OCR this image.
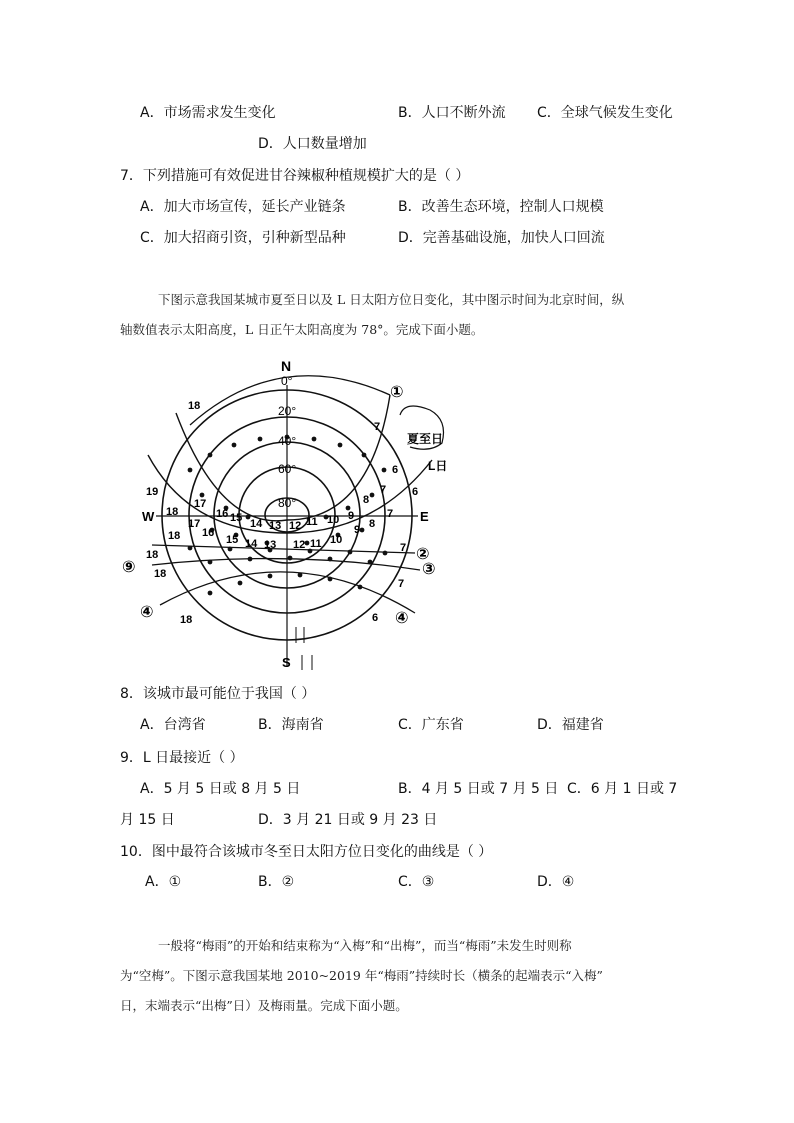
A．市场需求发生变化	B．人口不断外流 C．全球气候发生变化
D．人口数量增加
7．下列措施可有效促进甘谷辣椒种植规模扩大的是（ ）
A．加大市场宣传，延长产业链条	B．改善生态环境，控制人口规模
C．加大招商引资，引种新型品种	D．完善基础设施，加快人口回流
下图示意我国某城市夏至日以及 L 日太阳方位日变化，其中图示时间为北京时间，纵
轴数值表示太阳高度，L 日正午太阳高度为 78°。完成下面小题。
N
S
E
W
0°
20°
40°
60°
80°
①
夏至日
L日
②
③
⑨
④	④
18
7
19
18
17
16 15 14 13 12 11 10 9
8
7
6
6
18
17
16
15 14 13 12 11 10
9 8
7
18
7
18
7
18	6
8．该城市最可能位于我国（ ）
A．台湾省	B．海南省	C．广东省	D．福建省
9．L 日最接近（ ）
A．5 月 5 日或 8 月 5 日	B．4 月 5 日或 7 月 5 日 C．6 月 1 日或 7
月 15 日	D．3 月 21 日或 9 月 23 日
10．图中最符合该城市冬至日太阳方位日变化的曲线是（ ）
A．①	B．②	C．③	D．④
一般将“梅雨”的开始和结束称为“入梅”和“出梅”，而当“梅雨”未发生时则称
为“空梅”。下图示意我国某地 2010~2019 年“梅雨”持续时长（横条的起端表示“入梅”
日，末端表示“出梅”日）及梅雨量。完成下面小题。
